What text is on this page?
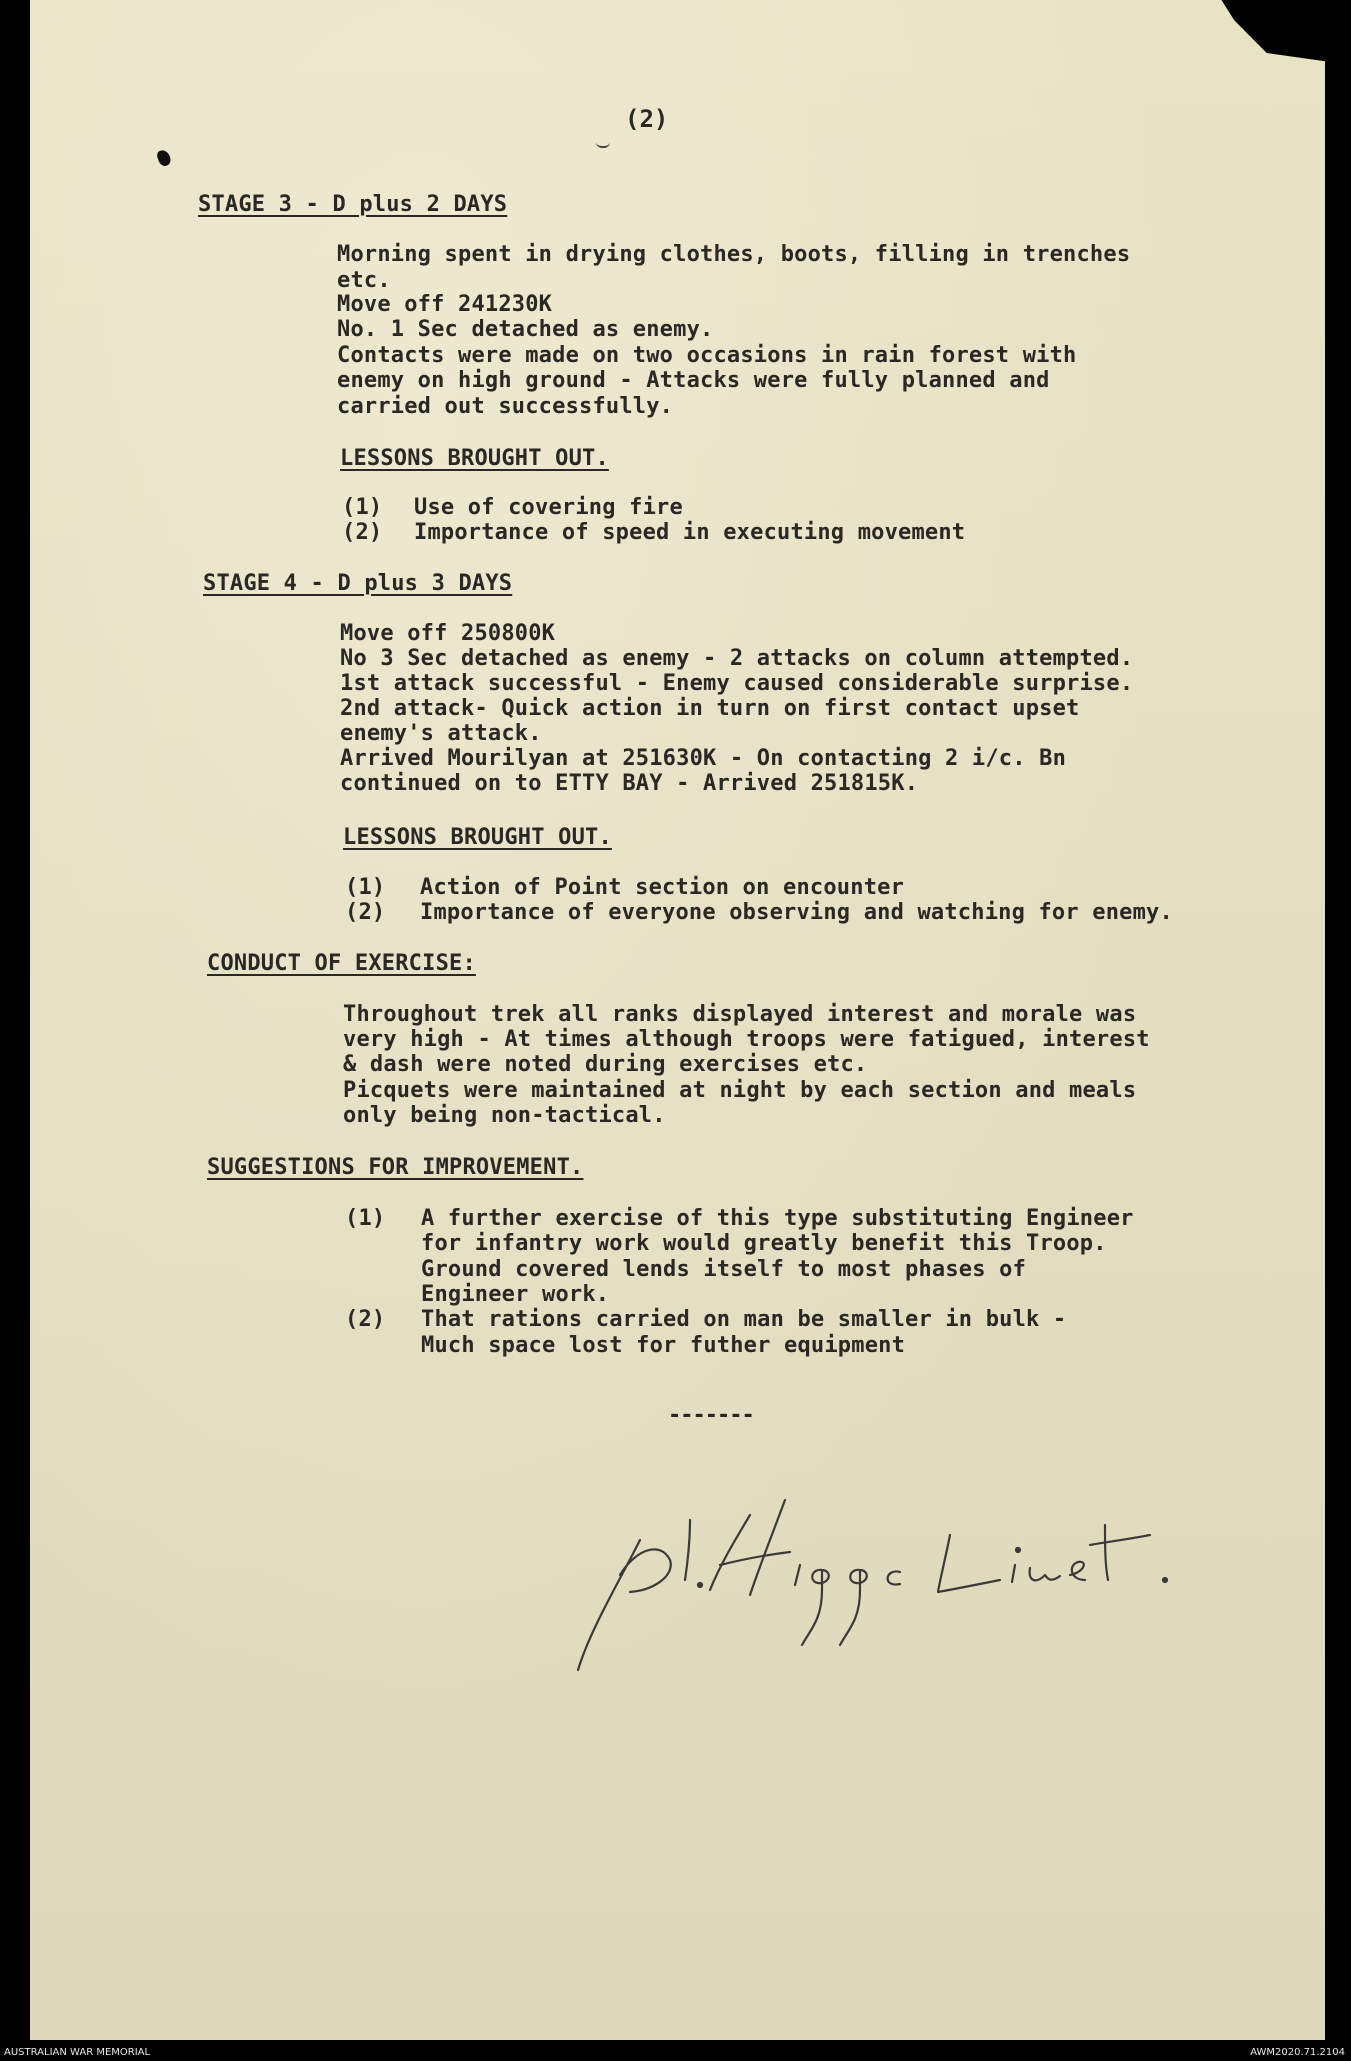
(2)
STAGE 3 - D plus 2 DAYS
Morning spent in drying clothes, boots, filling in trenches
etc.
Move off 241230K
No. 1 Sec detached as enemy.
Contacts were made on two occasions in rain forest with
enemy on high ground - Attacks were fully planned and
carried out successfully.
LESSONS BROUGHT OUT.
(1) Use of covering fire
(2) Importance of speed in executing movement
STAGE 4 - D plus 3 DAYS
Move off 250800K
No 3 Sec detached as enemy - 2 attacks on column attempted.
1st attack successful - Enemy caused considerable surprise.
2nd attack- Quick action in turn on first contact upset
enemy's attack.
Arrived Mourilyan at 251630K - On contacting 2 i/c. Bn
continued on to ETTY BAY - Arrived 251815K.
LESSONS BROUGHT OUT.
(1) Action of Point section on encounter
(2) Importance of everyone observing and watching for enemy.
CONDUCT OF EXERCISE:
Throughout trek all ranks displayed interest and morale was
very high - At times although troops were fatigued, interest
& dash were noted during exercises etc.
Picquets were maintained at night by each section and meals
only being non-tactical.
SUGGESTIONS FOR IMPROVEMENT.
(1) A further exercise of this type substituting Engineer
for infantry work would greatly benefit this Troop.
Ground covered lends itself to most phases of
Engineer work.
(2) That rations carried on man be smaller in bulk -
Much space lost for futher equipment
-------
AUSTRALIAN WAR MEMORIAL	AWM2020.71.2104
